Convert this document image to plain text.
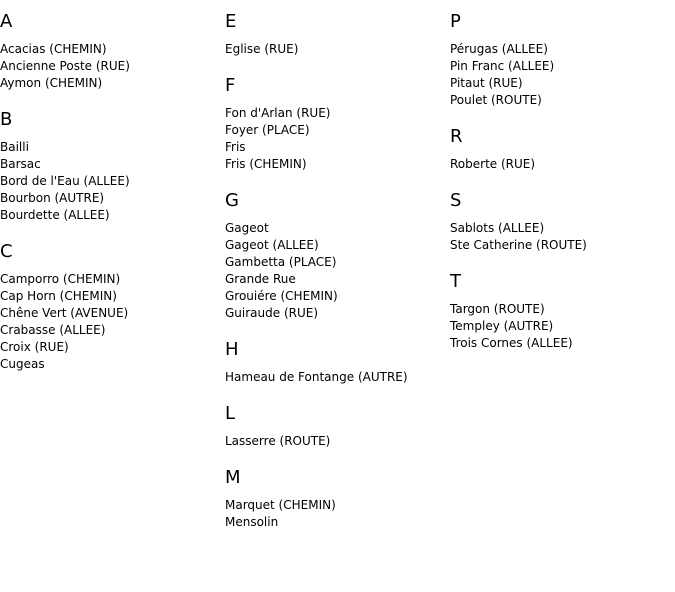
A
Acacias (CHEMIN)
Ancienne Poste (RUE)
Aymon (CHEMIN)
B
Bailli
Barsac
Bord de l'Eau (ALLEE)
Bourbon (AUTRE)
Bourdette (ALLEE)
C
Camporro (CHEMIN)
Cap Horn (CHEMIN)
Chêne Vert (AVENUE)
Crabasse (ALLEE)
Croix (RUE)
Cugeas
E
Eglise (RUE)
F
Fon d'Arlan (RUE)
Foyer (PLACE)
Fris
Fris (CHEMIN)
G
Gageot
Gageot (ALLEE)
Gambetta (PLACE)
Grande Rue
Grouiére (CHEMIN)
Guiraude (RUE)
H
Hameau de Fontange (AUTRE)
L
Lasserre (ROUTE)
M
Marquet (CHEMIN)
Mensolin
P
Pérugas (ALLEE)
Pin Franc (ALLEE)
Pitaut (RUE)
Poulet (ROUTE)
R
Roberte (RUE)
S
Sablots (ALLEE)
Ste Catherine (ROUTE)
T
Targon (ROUTE)
Templey (AUTRE)
Trois Cornes (ALLEE)
